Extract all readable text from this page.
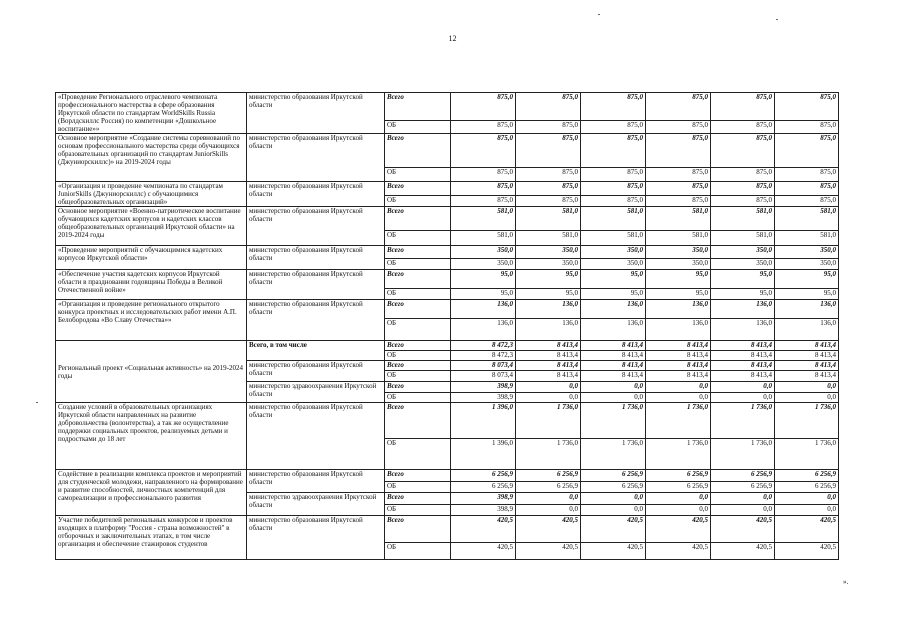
12
«Проведение Регионального отраслевого чемпионата профессионального мастерства в сфере образования Иркутской области по стандартам WorldSkills Russia (Ворлдскиллс Россия) по компетенции «Дошкольное воспитание»»	министерство образования Иркутской области	Всего	875,0	875,0	875,0	875,0	875,0	875,0
		ОБ	875,0	875,0	875,0	875,0	875,0	875,0
Основное мероприятие «Создание системы соревнований по основам профессионального мастерства среди обучающихся образовательных организаций по стандартам JuniorSkills (Джуниорскиллс)» на 2019-2024 годы	министерство образования Иркутской области	Всего	875,0	875,0	875,0	875,0	875,0	875,0
		ОБ	875,0	875,0	875,0	875,0	875,0	875,0
«Организация и проведение чемпионата по стандартам JuniorSkills (Джуниорскиллс) с обучающимися общеобразовательных организаций»	министерство образования Иркутской области	Всего	875,0	875,0	875,0	875,0	875,0	875,0
		ОБ	875,0	875,0	875,0	875,0	875,0	875,0
Основное мероприятие «Военно-патриотическое воспитание обучающихся кадетских корпусов и кадетских классов общеобразовательных организаций Иркутской области» на 2019-2024 годы	министерство образования Иркутской области	Всего	581,0	581,0	581,0	581,0	581,0	581,0
		ОБ	581,0	581,0	581,0	581,0	581,0	581,0
«Проведение мероприятий с обучающимися кадетских корпусов Иркутской области»	министерство образования Иркутской области	Всего	350,0	350,0	350,0	350,0	350,0	350,0
		ОБ	350,0	350,0	350,0	350,0	350,0	350,0
«Обеспечение участия кадетских корпусов Иркутской области в праздновании годовщины Победы в Великой Отечественной войне»	министерство образования Иркутской области	Всего	95,0	95,0	95,0	95,0	95,0	95,0
		ОБ	95,0	95,0	95,0	95,0	95,0	95,0
«Организация и проведение регионального открытого конкурса проектных и исследовательских работ имени А.П. Белобородова «Во Славу Отечества»»	министерство образования Иркутской области	Всего	136,0	136,0	136,0	136,0	136,0	136,0
		ОБ	136,0	136,0	136,0	136,0	136,0	136,0
Региональный проект «Социальная активность» на 2019-2024 годы	Всего, в том числе	Всего	8 472,3	8 413,4	8 413,4	8 413,4	8 413,4	8 413,4
		ОБ	8 472,3	8 413,4	8 413,4	8 413,4	8 413,4	8 413,4
	министерство образования Иркутской области	Всего	8 073,4	8 413,4	8 413,4	8 413,4	8 413,4	8 413,4
		ОБ	8 073,4	8 413,4	8 413,4	8 413,4	8 413,4	8 413,4
	министерство здравоохранения Иркутской области	Всего	398,9	0,0	0,0	0,0	0,0	0,0
		ОБ	398,9	0,0	0,0	0,0	0,0	0,0
Создание условий в образовательных организациях Иркутской области направленных на развитие добровольчества (волонтерства), а так же осуществление поддержки социальных проектов, реализуемых детьми и подростками до 18 лет	министерство образования Иркутской области	Всего	1 396,0	1 736,0	1 736,0	1 736,0	1 736,0	1 736,0
		ОБ	1 396,0	1 736,0	1 736,0	1 736,0	1 736,0	1 736,0
Содействие в реализации комплекса проектов и мероприятий для студенческой молодежи, направленного на формирование и развитие способностей, личностных компетенций для самореализации и профессионального развития	министерство образования Иркутской области	Всего	6 256,9	6 256,9	6 256,9	6 256,9	6 256,9	6 256,9
		ОБ	6 256,9	6 256,9	6 256,9	6 256,9	6 256,9	6 256,9
	министерство здравоохранения Иркутской области	Всего	398,9	0,0	0,0	0,0	0,0	0,0
		ОБ	398,9	0,0	0,0	0,0	0,0	0,0
Участие победителей региональных конкурсов и проектов входящих в платформу "Россия - страна возможностей" в отборочных и заключительных этапах, в том числе организация и обеспечение стажировок студентов	министерство образования Иркутской области	Всего	420,5	420,5	420,5	420,5	420,5	420,5
		ОБ	420,5	420,5	420,5	420,5	420,5	420,5
».
